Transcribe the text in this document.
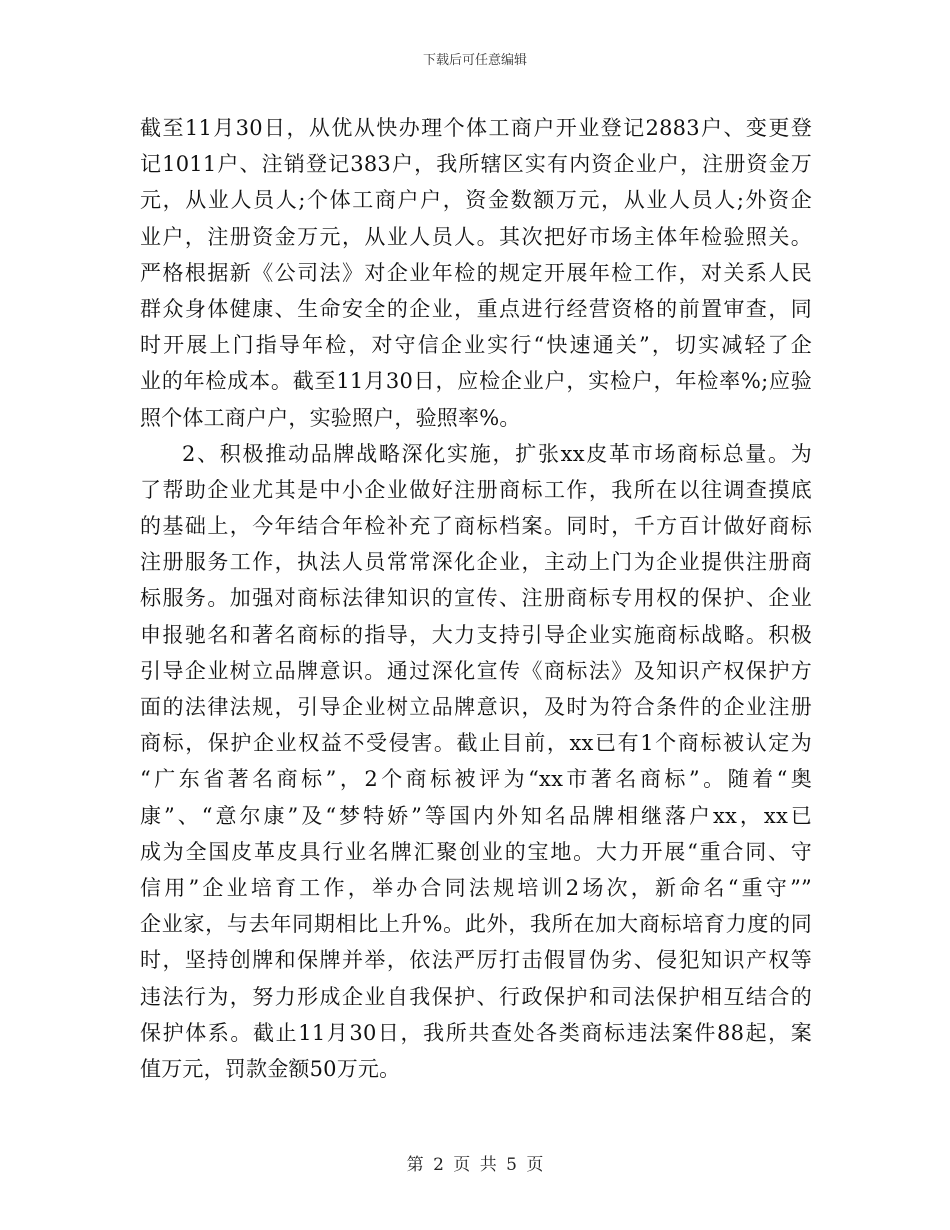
下载后可任意编辑
截至11月30日，从优从快办理个体工商户开业登记2883户、变更登
记1011户、注销登记383户，我所辖区实有内资企业户，注册资金万
元，从业人员人;个体工商户户，资金数额万元，从业人员人;外资企
业户，注册资金万元，从业人员人。其次把好市场主体年检验照关。
严格根据新《公司法》对企业年检的规定开展年检工作，对关系人民
群众身体健康、生命安全的企业，重点进行经营资格的前置审查，同
时开展上门指导年检，对守信企业实行“快速通关”，切实减轻了企
业的年检成本。截至11月30日，应检企业户，实检户，年检率%;应验
照个体工商户户，实验照户，验照率%。
2、积极推动品牌战略深化实施，扩张xx皮革市场商标总量。为
了帮助企业尤其是中小企业做好注册商标工作，我所在以往调查摸底
的基础上，今年结合年检补充了商标档案。同时，千方百计做好商标
注册服务工作，执法人员常常深化企业，主动上门为企业提供注册商
标服务。加强对商标法律知识的宣传、注册商标专用权的保护、企业
申报驰名和著名商标的指导，大力支持引导企业实施商标战略。积极
引导企业树立品牌意识。通过深化宣传《商标法》及知识产权保护方
面的法律法规，引导企业树立品牌意识，及时为符合条件的企业注册
商标，保护企业权益不受侵害。截止目前，xx已有1个商标被认定为
“广东省著名商标”，2个商标被评为“xx市著名商标”。随着“奥
康”、“意尔康”及“梦特娇”等国内外知名品牌相继落户xx，xx已
成为全国皮革皮具行业名牌汇聚创业的宝地。大力开展“重合同、守
信用”企业培育工作，举办合同法规培训2场次，新命名“重守””
企业家，与去年同期相比上升%。此外，我所在加大商标培育力度的同
时，坚持创牌和保牌并举，依法严厉打击假冒伪劣、侵犯知识产权等
违法行为，努力形成企业自我保护、行政保护和司法保护相互结合的
保护体系。截止11月30日，我所共查处各类商标违法案件88起，案
值万元，罚款金额50万元。
第 2 页 共 5 页
